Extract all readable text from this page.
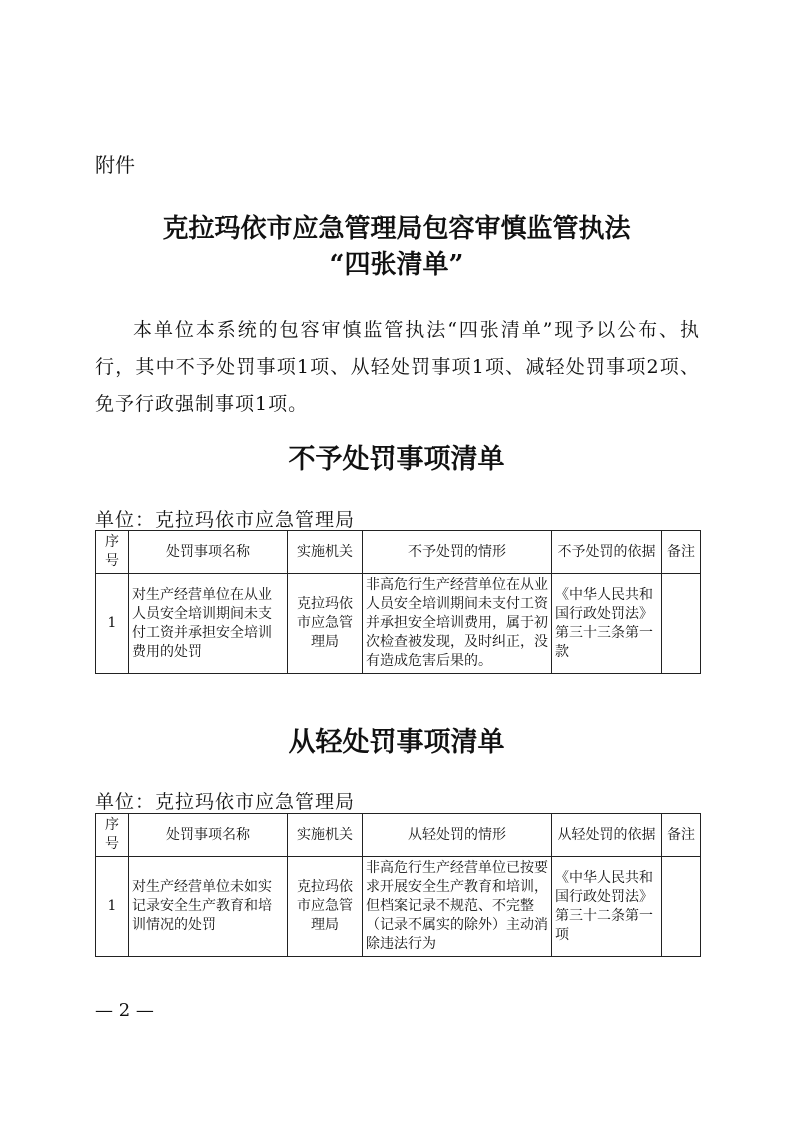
附件
克拉玛依市应急管理局包容审慎监管执法
“四张清单”
本单位本系统的包容审慎监管执法“四张清单”现予以公布、执行，其中不予处罚事项1项、从轻处罚事项1项、减轻处罚事项2项、免予行政强制事项1项。
不予处罚事项清单
单位：克拉玛依市应急管理局
序号	处罚事项名称	实施机关	不予处罚的情形	不予处罚的依据	备注
1	对生产经营单位在从业人员安全培训期间未支付工资并承担安全培训费用的处罚	克拉玛依市应急管理局	非高危行生产经营单位在从业人员安全培训期间未支付工资并承担安全培训费用，属于初次检查被发现，及时纠正，没有造成危害后果的。	《中华人民共和国行政处罚法》第三十三条第一款	
从轻处罚事项清单
单位：克拉玛依市应急管理局
序号	处罚事项名称	实施机关	从轻处罚的情形	从轻处罚的依据	备注
1	对生产经营单位未如实记录安全生产教育和培训情况的处罚	克拉玛依市应急管理局	非高危行生产经营单位已按要求开展安全生产教育和培训，但档案记录不规范、不完整（记录不属实的除外）主动消除违法行为	《中华人民共和国行政处罚法》第三十二条第一项	
— 2 —
